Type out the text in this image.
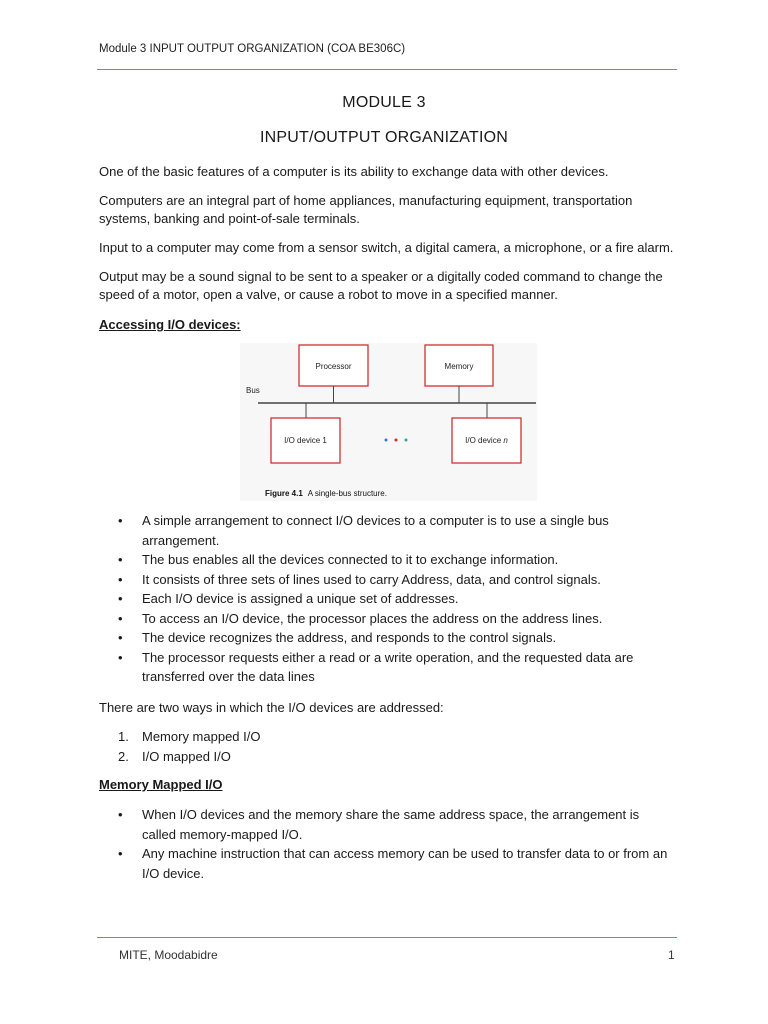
Module 3 INPUT OUTPUT ORGANIZATION (COA BE306C)
MODULE 3
INPUT/OUTPUT ORGANIZATION
One of the basic features of a computer is its ability to exchange data with other devices.
Computers are an integral part of home appliances, manufacturing equipment, transportation systems, banking and point-of-sale terminals.
Input to a computer may come from a sensor switch, a digital camera, a microphone, or a fire alarm.
Output may be a sound signal to be sent to a speaker or a digitally coded command to change the speed of a motor, open a valve, or cause a robot to move in a specified manner.
Accessing I/O devices:
Processor	Memory
Bus
I/O device 1	I/O device n
Figure 4.1 A single-bus structure.
• A simple arrangement to connect I/O devices to a computer is to use a single bus arrangement.
• The bus enables all the devices connected to it to exchange information.
• It consists of three sets of lines used to carry Address, data, and control signals.
• Each I/O device is assigned a unique set of addresses.
• To access an I/O device, the processor places the address on the address lines.
• The device recognizes the address, and responds to the control signals.
• The processor requests either a read or a write operation, and the requested data are transferred over the data lines
There are two ways in which the I/O devices are addressed:
1. Memory mapped I/O
2. I/O mapped I/O
Memory Mapped I/O
• When I/O devices and the memory share the same address space, the arrangement is called memory-mapped I/O.
• Any machine instruction that can access memory can be used to transfer data to or from an I/O device.
MITE, Moodabidre	1
